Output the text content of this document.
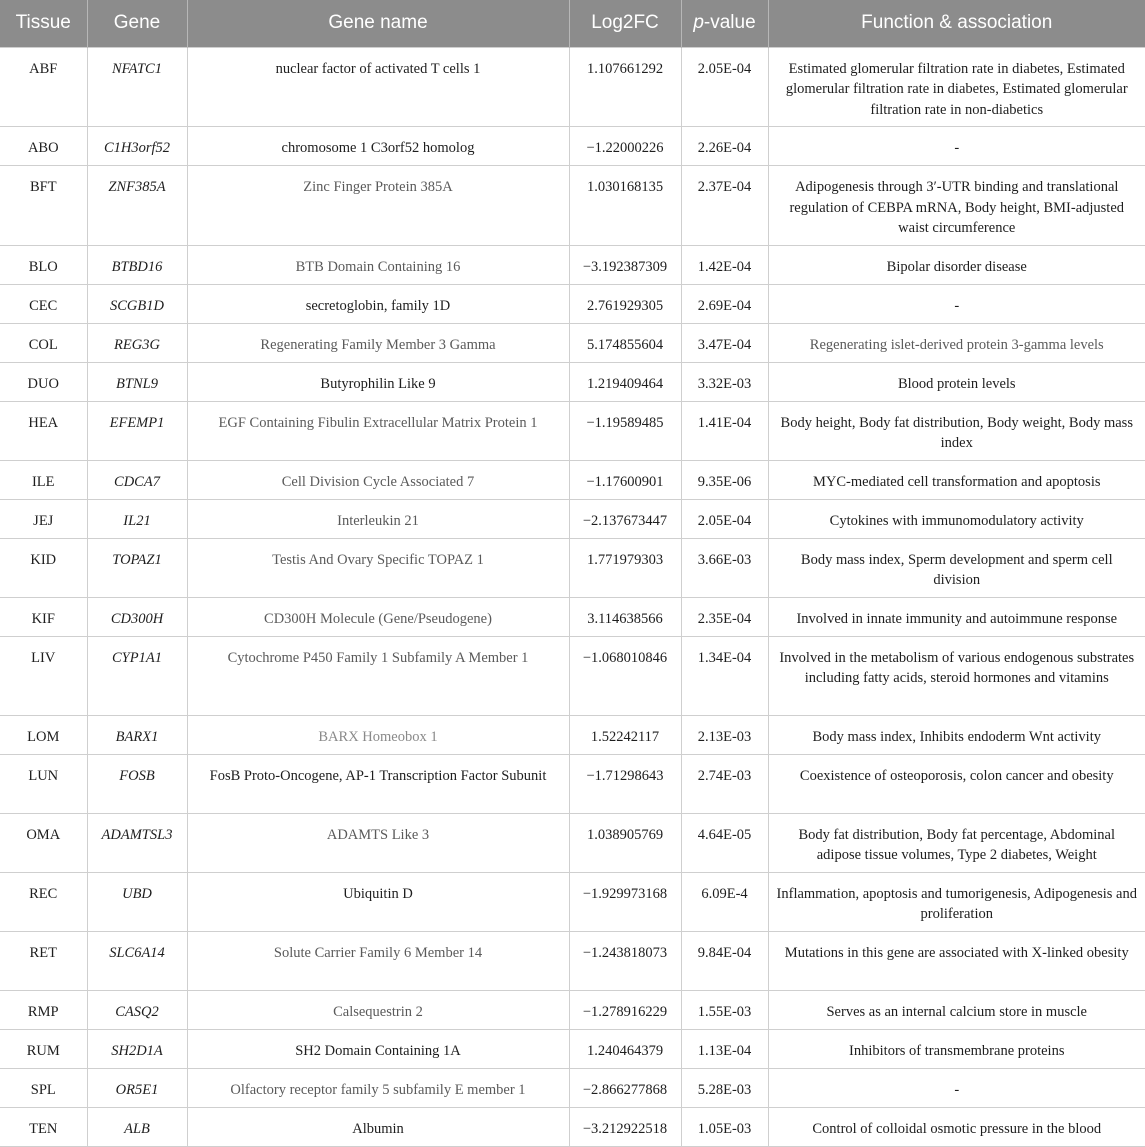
Tissue	Gene	Gene name	Log2FC	p-value	Function & association
ABF	NFATC1	nuclear factor of activated T cells 1	1.107661292	2.05E-04	Estimated glomerular filtration rate in diabetes, Estimated glomerular filtration rate in diabetes, Estimated glomerular filtration rate in non-diabetics
ABO	C1H3orf52	chromosome 1 C3orf52 homolog	−1.22000226	2.26E-04	-
BFT	ZNF385A	Zinc Finger Protein 385A	1.030168135	2.37E-04	Adipogenesis through 3′-UTR binding and translational regulation of CEBPA mRNA, Body height, BMI-adjusted waist circumference
BLO	BTBD16	BTB Domain Containing 16	−3.192387309	1.42E-04	Bipolar disorder disease
CEC	SCGB1D	secretoglobin, family 1D	2.761929305	2.69E-04	-
COL	REG3G	Regenerating Family Member 3 Gamma	5.174855604	3.47E-04	Regenerating islet-derived protein 3-gamma levels
DUO	BTNL9	Butyrophilin Like 9	1.219409464	3.32E-03	Blood protein levels
HEA	EFEMP1	EGF Containing Fibulin Extracellular Matrix Protein 1	−1.19589485	1.41E-04	Body height, Body fat distribution, Body weight, Body mass index
ILE	CDCA7	Cell Division Cycle Associated 7	−1.17600901	9.35E-06	MYC-mediated cell transformation and apoptosis
JEJ	IL21	Interleukin 21	−2.137673447	2.05E-04	Cytokines with immunomodulatory activity
KID	TOPAZ1	Testis And Ovary Specific TOPAZ 1	1.771979303	3.66E-03	Body mass index, Sperm development and sperm cell division
KIF	CD300H	CD300H Molecule (Gene/Pseudogene)	3.114638566	2.35E-04	Involved in innate immunity and autoimmune response
LIV	CYP1A1	Cytochrome P450 Family 1 Subfamily A Member 1	−1.068010846	1.34E-04	Involved in the metabolism of various endogenous substrates including fatty acids, steroid hormones and vitamins
LOM	BARX1	BARX Homeobox 1	1.52242117	2.13E-03	Body mass index, Inhibits endoderm Wnt activity
LUN	FOSB	FosB Proto-Oncogene, AP-1 Transcription Factor Subunit	−1.71298643	2.74E-03	Coexistence of osteoporosis, colon cancer and obesity
OMA	ADAMTSL3	ADAMTS Like 3	1.038905769	4.64E-05	Body fat distribution, Body fat percentage, Abdominal adipose tissue volumes, Type 2 diabetes, Weight
REC	UBD	Ubiquitin D	−1.929973168	6.09E-4	Inflammation, apoptosis and tumorigenesis, Adipogenesis and proliferation
RET	SLC6A14	Solute Carrier Family 6 Member 14	−1.243818073	9.84E-04	Mutations in this gene are associated with X-linked obesity
RMP	CASQ2	Calsequestrin 2	−1.278916229	1.55E-03	Serves as an internal calcium store in muscle
RUM	SH2D1A	SH2 Domain Containing 1A	1.240464379	1.13E-04	Inhibitors of transmembrane proteins
SPL	OR5E1	Olfactory receptor family 5 subfamily E member 1	−2.866277868	5.28E-03	-
TEN	ALB	Albumin	−3.212922518	1.05E-03	Control of colloidal osmotic pressure in the blood
